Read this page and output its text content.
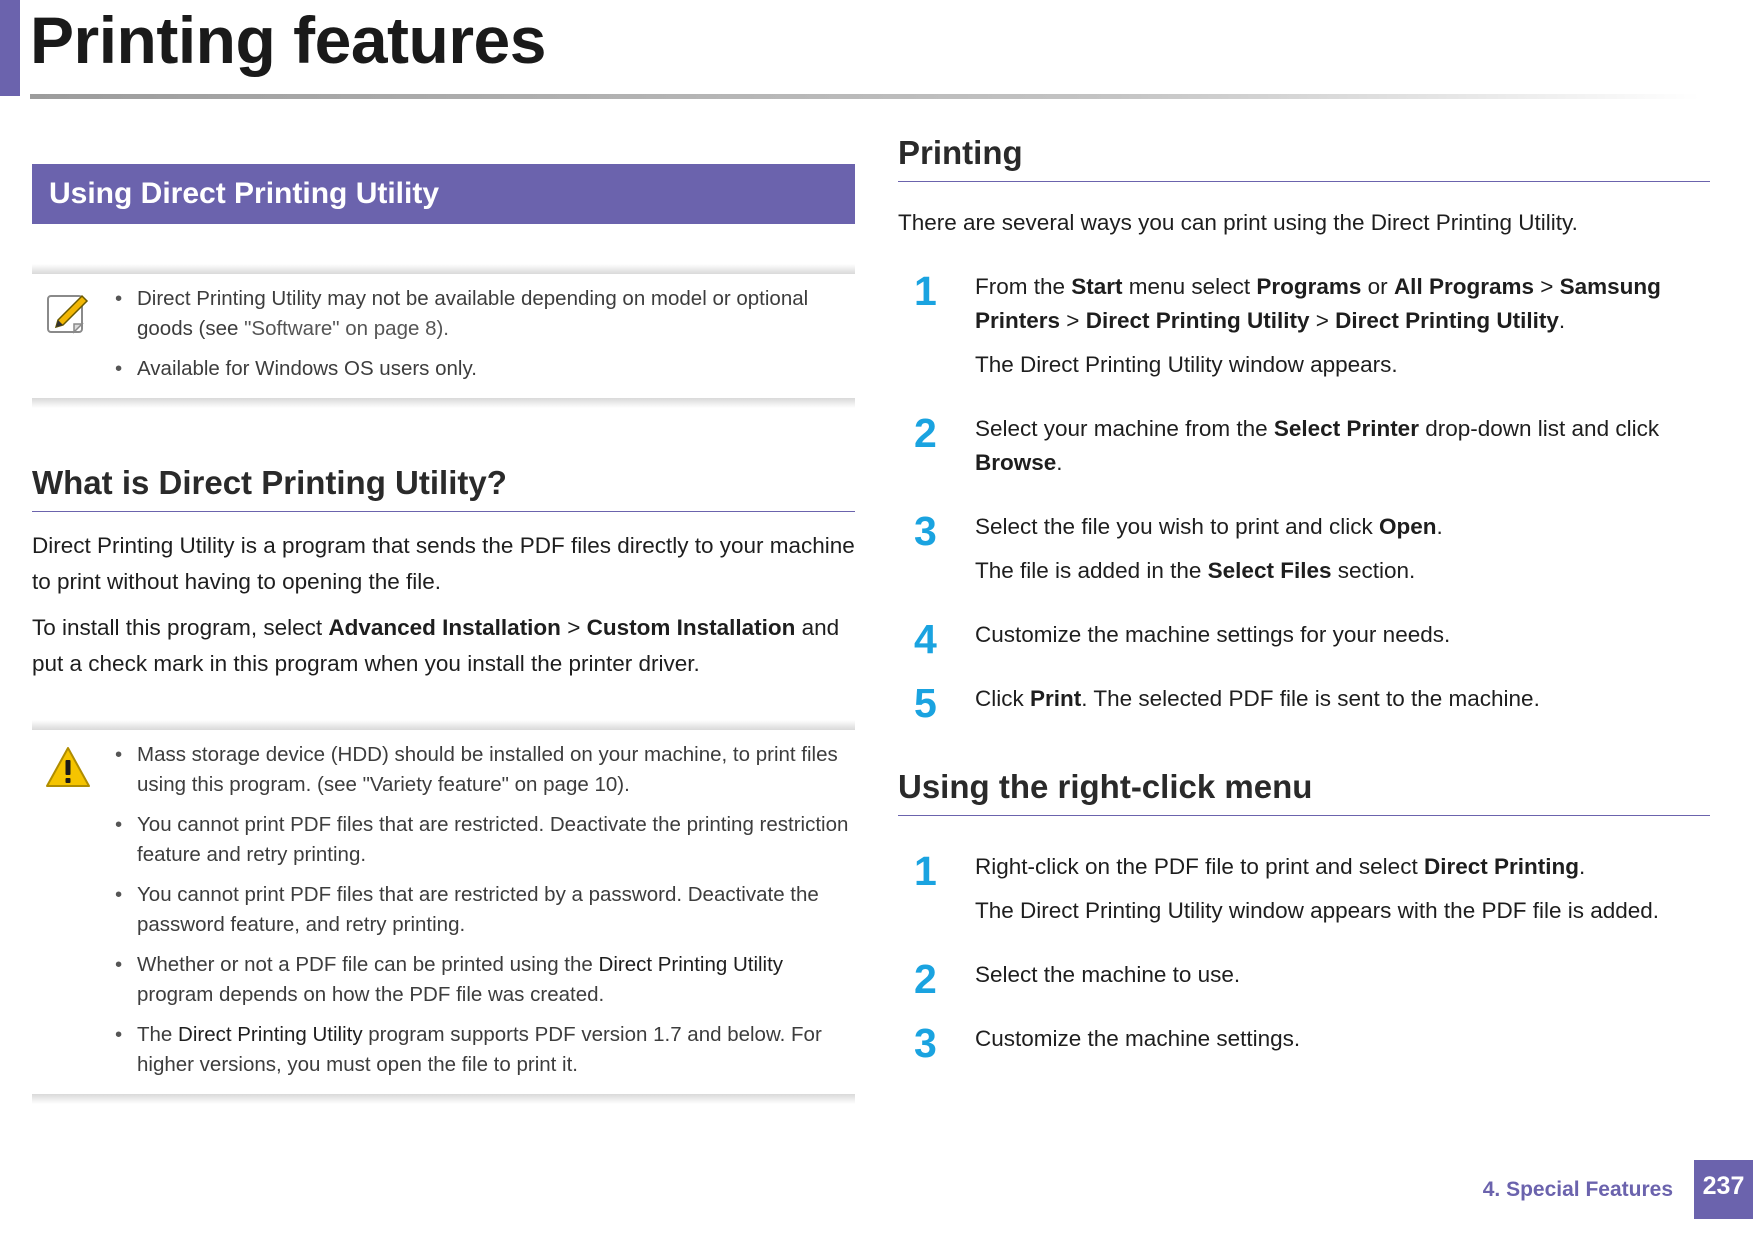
Printing features
Using Direct Printing Utility
• Direct Printing Utility may not be available depending on model or optional goods (see "Software" on page 8).
• Available for Windows OS users only.
What is Direct Printing Utility?

Direct Printing Utility is a program that sends the PDF files directly to your machine to print without having to opening the file.

To install this program, select Advanced Installation > Custom Installation and put a check mark in this program when you install the printer driver.

• Mass storage device (HDD) should be installed on your machine, to print files using this program. (see "Variety feature" on page 10).
• You cannot print PDF files that are restricted. Deactivate the printing restriction feature and retry printing.
• You cannot print PDF files that are restricted by a password. Deactivate the password feature, and retry printing.
• Whether or not a PDF file can be printed using the Direct Printing Utility program depends on how the PDF file was created.
• The Direct Printing Utility program supports PDF version 1.7 and below. For higher versions, you must open the file to print it.
Printing

There are several ways you can print using the Direct Printing Utility.

1 From the Start menu select Programs or All Programs > Samsung Printers > Direct Printing Utility > Direct Printing Utility.
The Direct Printing Utility window appears.
2 Select your machine from the Select Printer drop-down list and click Browse.
3 Select the file you wish to print and click Open.
The file is added in the Select Files section.
4 Customize the machine settings for your needs.
5 Click Print. The selected PDF file is sent to the machine.
Using the right-click menu
1 Right-click on the PDF file to print and select Direct Printing.
The Direct Printing Utility window appears with the PDF file is added.
2 Select the machine to use.
3 Customize the machine settings.
4. Special Features	237
